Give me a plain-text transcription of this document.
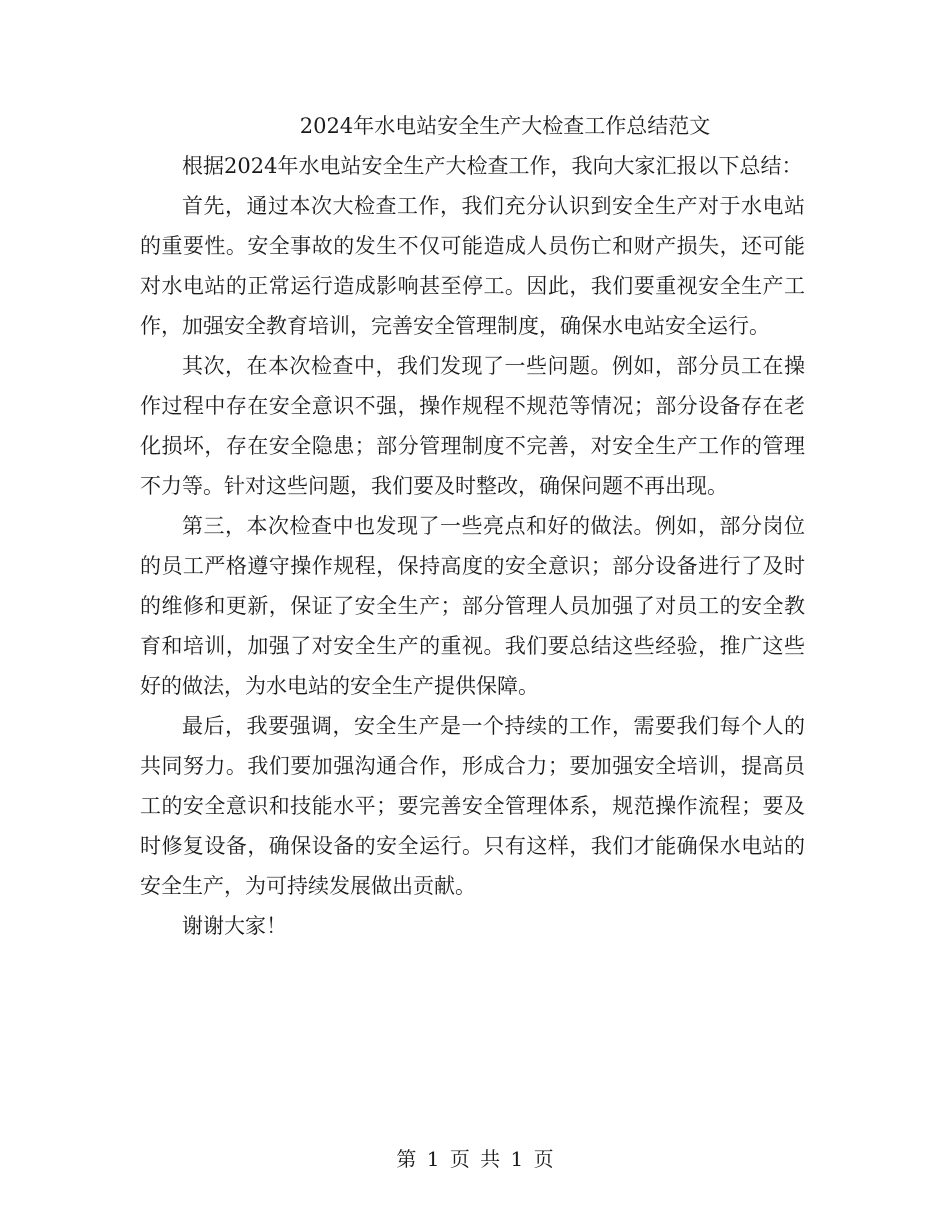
2024年水电站安全生产大检查工作总结范文

根据2024年水电站安全生产大检查工作，我向大家汇报以下总结：

首先，通过本次大检查工作，我们充分认识到安全生产对于水电站的重要性。安全事故的发生不仅可能造成人员伤亡和财产损失，还可能对水电站的正常运行造成影响甚至停工。因此，我们要重视安全生产工作，加强安全教育培训，完善安全管理制度，确保水电站安全运行。

其次，在本次检查中，我们发现了一些问题。例如，部分员工在操作过程中存在安全意识不强，操作规程不规范等情况；部分设备存在老化损坏，存在安全隐患；部分管理制度不完善，对安全生产工作的管理不力等。针对这些问题，我们要及时整改，确保问题不再出现。

第三，本次检查中也发现了一些亮点和好的做法。例如，部分岗位的员工严格遵守操作规程，保持高度的安全意识；部分设备进行了及时的维修和更新，保证了安全生产；部分管理人员加强了对员工的安全教育和培训，加强了对安全生产的重视。我们要总结这些经验，推广这些好的做法，为水电站的安全生产提供保障。

最后，我要强调，安全生产是一个持续的工作，需要我们每个人的共同努力。我们要加强沟通合作，形成合力；要加强安全培训，提高员工的安全意识和技能水平；要完善安全管理体系，规范操作流程；要及时修复设备，确保设备的安全运行。只有这样，我们才能确保水电站的安全生产，为可持续发展做出贡献。

谢谢大家！

第 1 页 共 1 页
